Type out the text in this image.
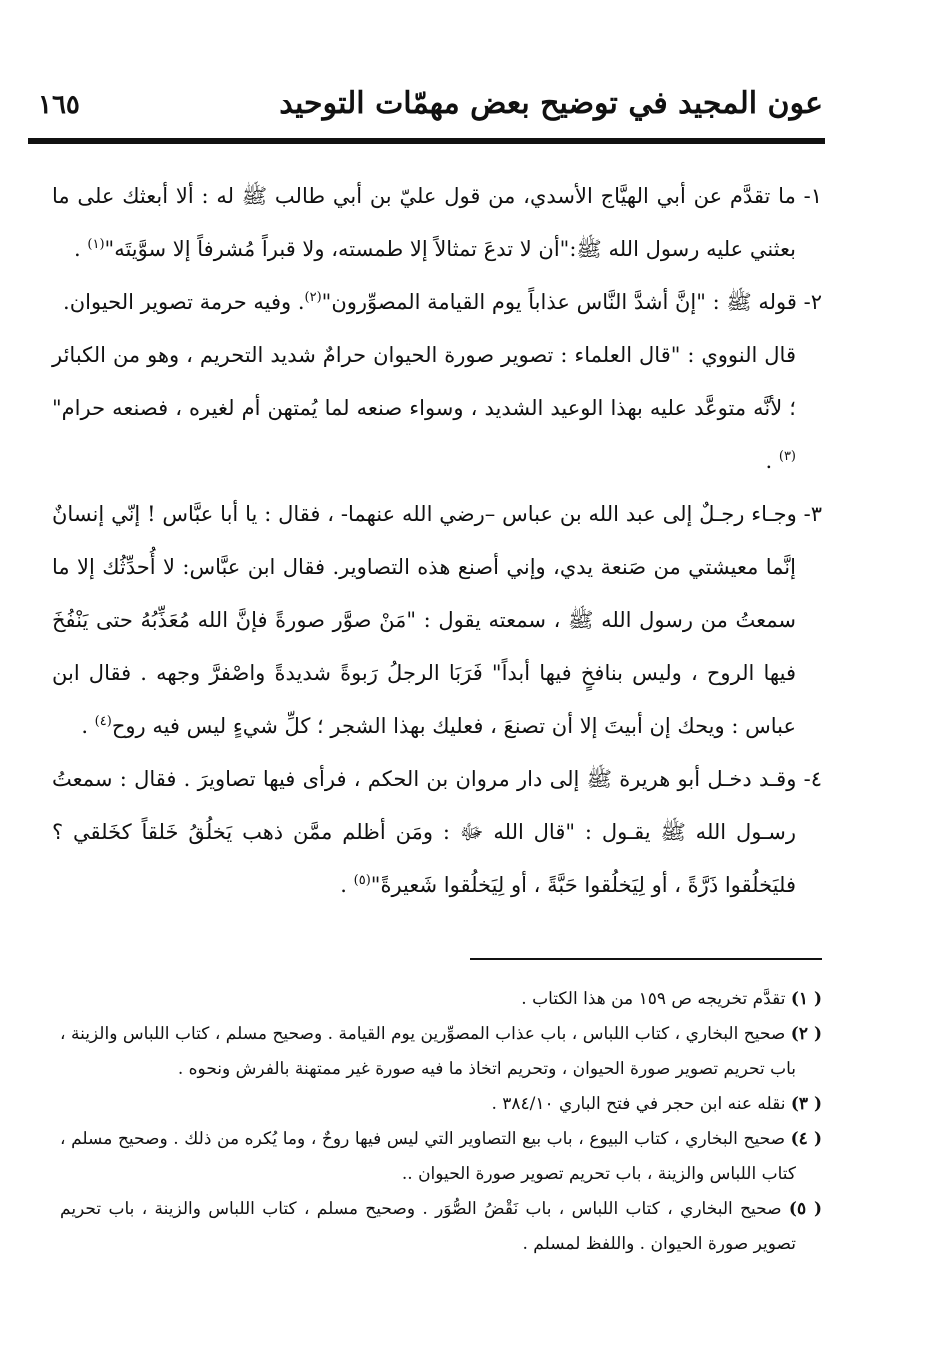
عون المجيد في توضيح بعض مهمّات التوحيد
١٦٥
١- ما تقدَّم عن أبي الهيَّاج الأسدي، من قول عليّ بن أبي طالب ﷺ له : ألا أبعثك على ما بعثني عليه رسول الله ﷺ:"أن لا تدعَ تمثالاً إلا طمسته، ولا قبراً مُشرفاً إلا سوَّيتَه"$^{(١)}$ .
٢- قوله ﷺ : "إنَّ أشدَّ النَّاس عذاباً يوم القيامة المصوِّرون"$^{(٢)}$. وفيه حرمة تصوير الحيوان.
قال النووي : "قال العلماء : تصوير صورة الحيوان حرامٌ شديد التحريم ، وهو من الكبائر ؛ لأنَّه متوعَّد عليه بهذا الوعيد الشديد ، وسواء صنعه لما يُمتهن أم لغيره ، فصنعه حرام"$^{(٣)}$ .
٣- وجـاء رجـلٌ إلى عبد الله بن عباس –رضي الله عنهما- ، فقال : يا أبا عبَّاس ! إنّي إنسانٌ إنَّما معيشتي من صَنعة يدي، وإني أصنع هذه التصاوير. فقال ابن عبَّاس: لا أُحدِّثُك إلا ما سمعتُ من رسول الله ﷺ ، سمعته يقول : "مَنْ صوَّر صورةً فإنَّ الله مُعَذِّبُهُ حتى يَنْفُخَ فيها الروح ، وليس بنافخٍ فيها أبداً" فَرَبَا الرجلُ رَبوةً شديدةً واصْفرَّ وجهه . فقال ابن عباس : ويحك إن أبيتَ إلا أن تصنعَ ، فعليك بهذا الشجر ؛ كلِّ شيءٍ ليس فيه روح$^{(٤)}$ .
٤- وقـد دخـل أبو هريرة ﷺ إلى دار مروان بن الحكم ، فرأى فيها تصاويرَ . فقال : سمعتُ رسـول الله ﷺ يقـول : "قال الله ﷻ : ومَن أظلم ممَّن ذهب يَخلُقُ خَلقاً كخَلقي ؟ فليَخلُقوا ذَرَّةً ، أو لِيَخلُقوا حَبَّةً ، أو لِيَخلُقوا شَعيرةً"$^{(٥)}$ .
( ١) تقدَّم تخريجه ص ١٥٩ من هذا الكتاب .
( ٢) صحيح البخاري ، كتاب اللباس ، باب عذاب المصوِّرين يوم القيامة . وصحيح مسلم ، كتاب اللباس والزينة ، باب تحريم تصوير صورة الحيوان ، وتحريم اتخاذ ما فيه صورة غير ممتهنة بالفرش ونحوه .
( ٣) نقله عنه ابن حجر في فتح الباري ٣٨٤/١٠ .
( ٤) صحيح البخاري ، كتاب البيوع ، باب بيع التصاوير التي ليس فيها روحٌ ، وما يُكره من ذلك . وصحيح مسلم ، كتاب اللباس والزينة ، باب تحريم تصوير صورة الحيوان ..
( ٥) صحيح البخاري ، كتاب اللباس ، باب نَقْضُ الصُّوَر . وصحيح مسلم ، كتاب اللباس والزينة ، باب تحريم تصوير صورة الحيوان . واللفظ لمسلم .
